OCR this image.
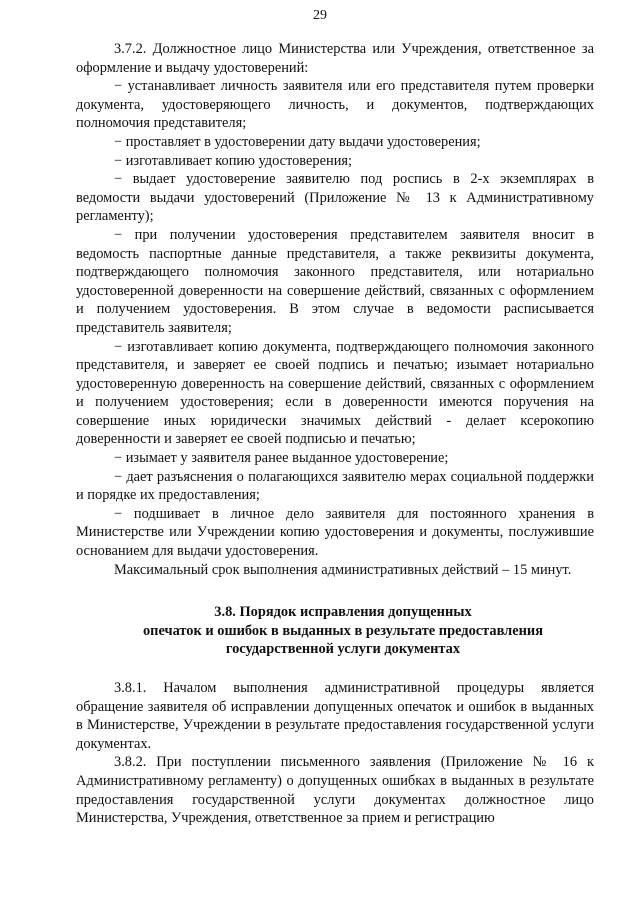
29

3.7.2. Должностное лицо Министерства или Учреждения, ответственное за оформление и выдачу удостоверений:

− устанавливает личность заявителя или его представителя путем проверки документа, удостоверяющего личность, и документов, подтверждающих полномочия представителя;

− проставляет в удостоверении дату выдачи удостоверения;

− изготавливает копию удостоверения;

− выдает удостоверение заявителю под роспись в 2-х экземплярах в ведомости выдачи удостоверений (Приложение № 13 к Административному регламенту);

− при получении удостоверения представителем заявителя вносит в ведомость паспортные данные представителя, а также реквизиты документа, подтверждающего полномочия законного представителя, или нотариально удостоверенной доверенности на совершение действий, связанных с оформлением и получением удостоверения. В этом случае в ведомости расписывается представитель заявителя;

− изготавливает копию документа, подтверждающего полномочия законного представителя, и заверяет ее своей подпись и печатью; изымает нотариально удостоверенную доверенность на совершение действий, связанных с оформлением и получением удостоверения; если в доверенности имеются поручения на совершение иных юридически значимых действий - делает ксерокопию доверенности и заверяет ее своей подписью и печатью;

− изымает у заявителя ранее выданное удостоверение;

− дает разъяснения о полагающихся заявителю мерах социальной поддержки и порядке их предоставления;

− подшивает в личное дело заявителя для постоянного хранения в Министерстве или Учреждении копию удостоверения и документы, послужившие основанием для выдачи удостоверения.

Максимальный срок выполнения административных действий – 15 минут.

3.8. Порядок исправления допущенных
опечаток и ошибок в выданных в результате предоставления
государственной услуги документах

3.8.1. Началом выполнения административной процедуры является обращение заявителя об исправлении допущенных опечаток и ошибок в выданных в Министерстве, Учреждении в результате предоставления государственной услуги документах.

3.8.2. При поступлении письменного заявления (Приложение № 16 к Административному регламенту) о допущенных ошибках в выданных в результате предоставления государственной услуги документах должностное лицо Министерства, Учреждения, ответственное за прием и регистрацию
